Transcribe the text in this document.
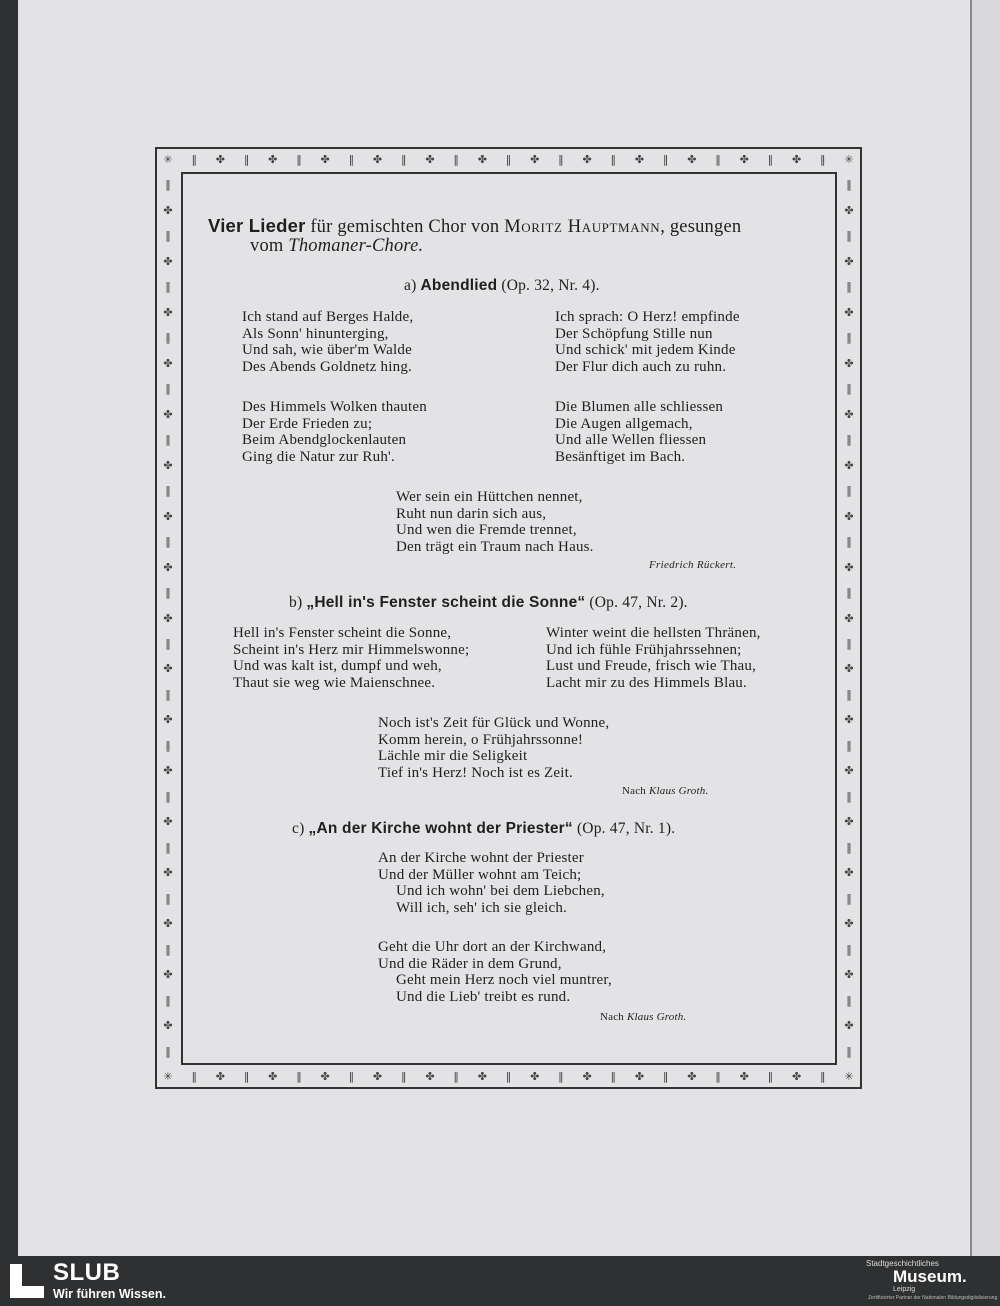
✳	✳
✳	✳
‖
‖
✤
✤
‖
‖
✤
✤
‖
‖
✤
✤
‖
‖
✤
✤
‖
‖
✤
✤
‖
‖
✤
✤
‖
‖
✤
✤
‖
‖
✤
✤
‖
‖
✤
✤
‖
‖
✤
✤
‖
‖
✤
✤
‖
‖
✤
✤
‖
‖
‖	‖
✤	✤
‖	‖
✤	✤
‖	‖
✤	✤
‖	‖
✤	✤
‖	‖
✤	✤
‖	‖
✤	✤
‖	‖
✤	✤
‖	‖
✤	✤
‖	‖
✤	✤
‖	‖
✤	✤
‖	‖
✤	✤
‖	‖
✤	✤
‖	‖
✤	✤
‖	‖
✤	✤
‖	‖
✤	✤
‖	‖
✤	✤
‖	‖
✤	✤
‖	‖
Vier Lieder für gemischten Chor von Moritz Hauptmann, gesungen
vom Thomaner-Chore.
a) Abendlied (Op. 32, Nr. 4).
Ich stand auf Berges Halde,
Als Sonn' hinunterging,
Und sah, wie über'm Walde
Des Abends Goldnetz hing.
Ich sprach: O Herz! empfinde
Der Schöpfung Stille nun
Und schick' mit jedem Kinde
Der Flur dich auch zu ruhn.
Des Himmels Wolken thauten
Der Erde Frieden zu;
Beim Abendglockenlauten
Ging die Natur zur Ruh'.
Die Blumen alle schliessen
Die Augen allgemach,
Und alle Wellen fliessen
Besänftiget im Bach.
Wer sein ein Hüttchen nennet,
Ruht nun darin sich aus,
Und wen die Fremde trennet,
Den trägt ein Traum nach Haus.
Friedrich Rückert.
b) „Hell in's Fenster scheint die Sonne“ (Op. 47, Nr. 2).
Hell in's Fenster scheint die Sonne,
Scheint in's Herz mir Himmelswonne;
Und was kalt ist, dumpf und weh,
Thaut sie weg wie Maienschnee.
Winter weint die hellsten Thränen,
Und ich fühle Frühjahrssehnen;
Lust und Freude, frisch wie Thau,
Lacht mir zu des Himmels Blau.
Noch ist's Zeit für Glück und Wonne,
Komm herein, o Frühjahrssonne!
Lächle mir die Seligkeit
Tief in's Herz! Noch ist es Zeit.
Nach Klaus Groth.
c) „An der Kirche wohnt der Priester“ (Op. 47, Nr. 1).
An der Kirche wohnt der Priester
Und der Müller wohnt am Teich;
Und ich wohn' bei dem Liebchen,
Will ich, seh' ich sie gleich.
Geht die Uhr dort an der Kirchwand,
Und die Räder in dem Grund,
Geht mein Herz noch viel muntrer,
Und die Lieb' treibt es rund.
Nach Klaus Groth.
SLUB
Wir führen Wissen.
Stadtgeschichtliches
Museum.
Leipzig
Zertifizierter Partner der Nationalen Bildungsdigitalisierung
